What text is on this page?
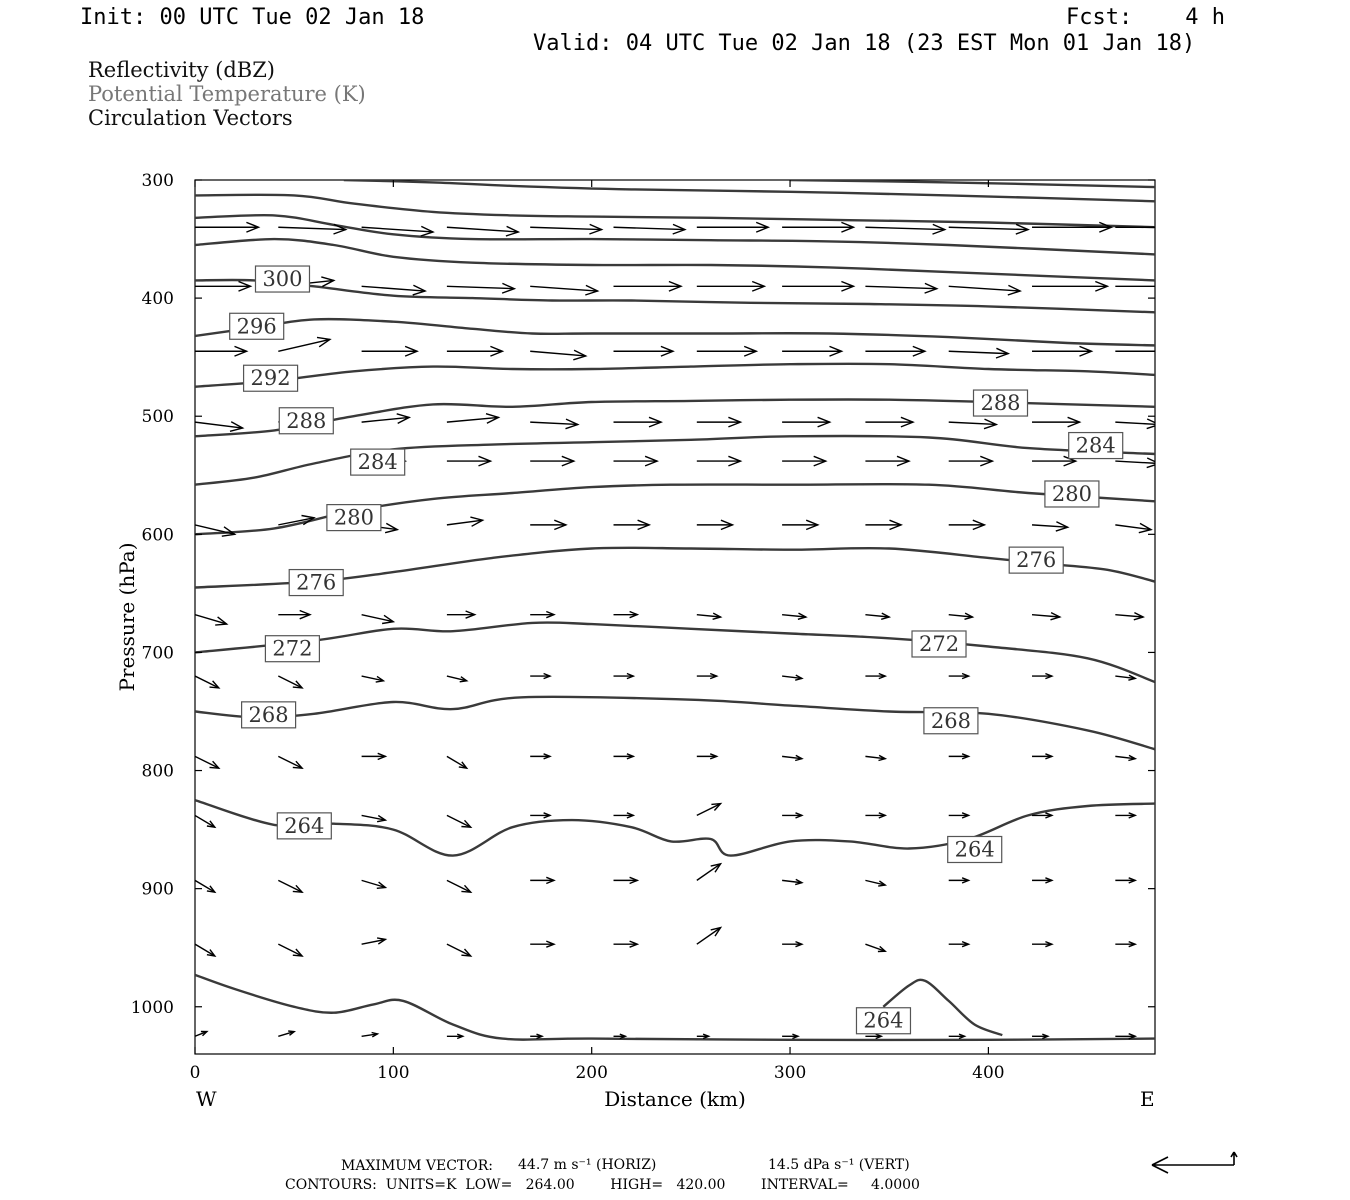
Init: 00 UTC Tue 02 Jan 18	Fcst:    4 h
Valid: 04 UTC Tue 02 Jan 18 (23 EST Mon 01 Jan 18)
Reflectivity (dBZ)
Potential Temperature (K)
Circulation Vectors
300
296
292
288
288
284
284
280
280
276
276
272	272
268	268
264
264
264
300
400
500
600
700
800
900
1000
0	100	200	300	400
Distance (km)
Pressure (hPa)
W	E
MAXIMUM VECTOR: 44.7 m s⁻¹ (HORIZ)	14.5 dPa s⁻¹ (VERT)
CONTOURS:  UNITS=K  LOW=   264.00        HIGH=   420.00        INTERVAL=     4.0000
